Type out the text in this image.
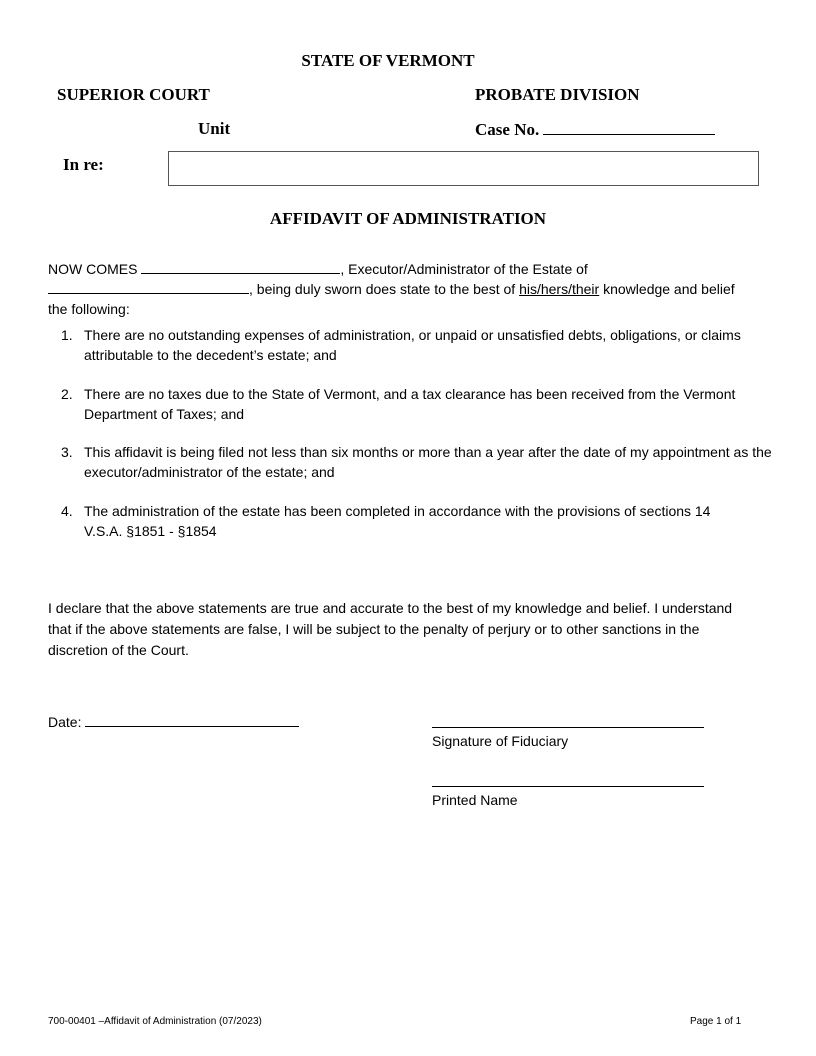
STATE OF VERMONT
SUPERIOR COURT	PROBATE DIVISION
Unit	Case No.
In re:
AFFIDAVIT OF ADMINISTRATION
NOW COMES	, Executor/Administrator of the Estate of
, being duly sworn does state to the best of his/hers/their knowledge and belief
the following:
1. There are no outstanding expenses of administration, or unpaid or unsatisfied debts, obligations, or claims attributable to the decedent’s estate; and
2. There are no taxes due to the State of Vermont, and a tax clearance has been received from the Vermont Department of Taxes; and
3. This affidavit is being filed not less than six months or more than a year after the date of my appointment as the executor/administrator of the estate; and
4. The administration of the estate has been completed in accordance with the provisions of sections 14 V.S.A. §1851 - §1854
I declare that the above statements are true and accurate to the best of my knowledge and belief. I understand that if the above statements are false, I will be subject to the penalty of perjury or to other sanctions in the discretion of the Court.
Date:
Signature of Fiduciary
Printed Name
700-00401 –Affidavit of Administration (07/2023)	Page 1 of 1
